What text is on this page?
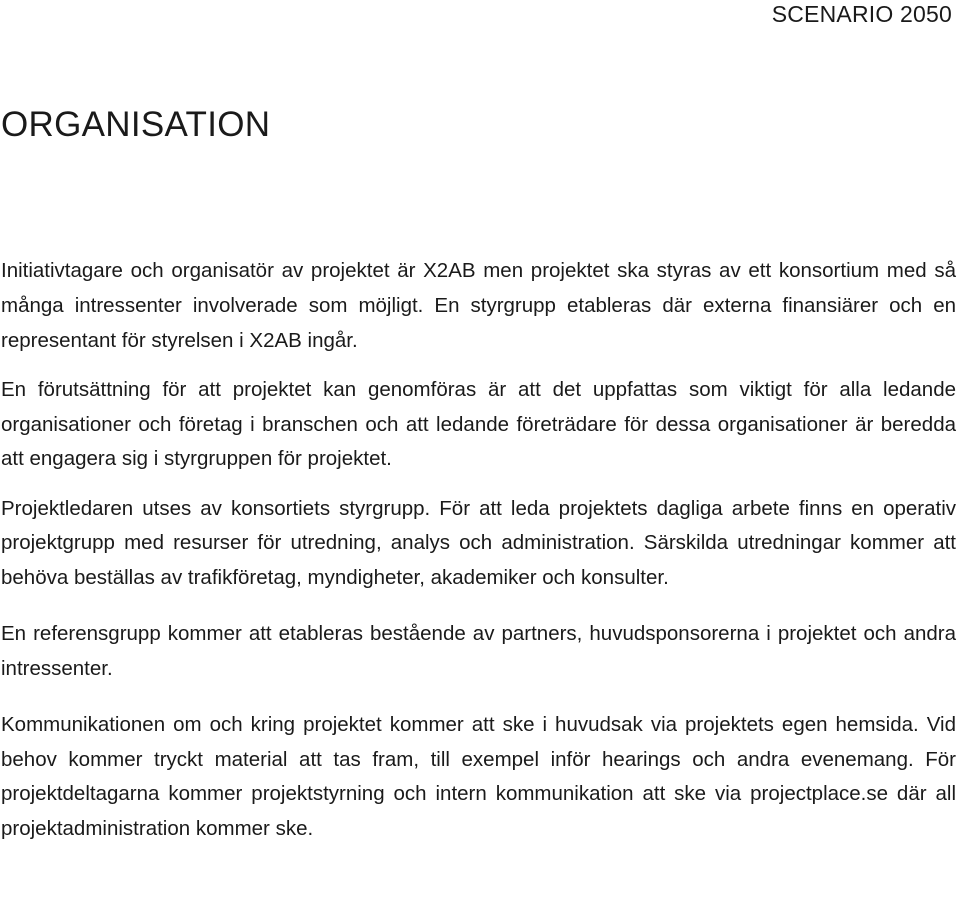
SCENARIO 2050
ORGANISATION

Initiativtagare och organisatör av projektet är X2AB men projektet ska styras av ett konsortium med så många intressenter involverade som möjligt. En styrgrupp etableras där externa finansiärer och en representant för styrelsen i X2AB ingår.

En förutsättning för att projektet kan genomföras är att det uppfattas som viktigt för alla ledande organisationer och företag i branschen och att ledande företrädare för dessa organisationer är beredda att engagera sig i styrgruppen för projektet.

Projektledaren utses av konsortiets styrgrupp. För att leda projektets dagliga arbete finns en operativ projektgrupp med resurser för utredning, analys och administration. Särskilda utredningar kommer att behöva beställas av trafikföretag, myndigheter, akademiker och konsulter.

En referensgrupp kommer att etableras bestående av partners, huvudsponsorerna i projektet och andra intressenter.

Kommunikationen om och kring projektet kommer att ske i huvudsak via projektets egen hemsida. Vid behov kommer tryckt material att tas fram, till exempel inför hearings och andra evenemang. För projektdeltagarna kommer projektstyrning och intern kommunikation att ske via projectplace.se där all projektadministration kommer ske.
